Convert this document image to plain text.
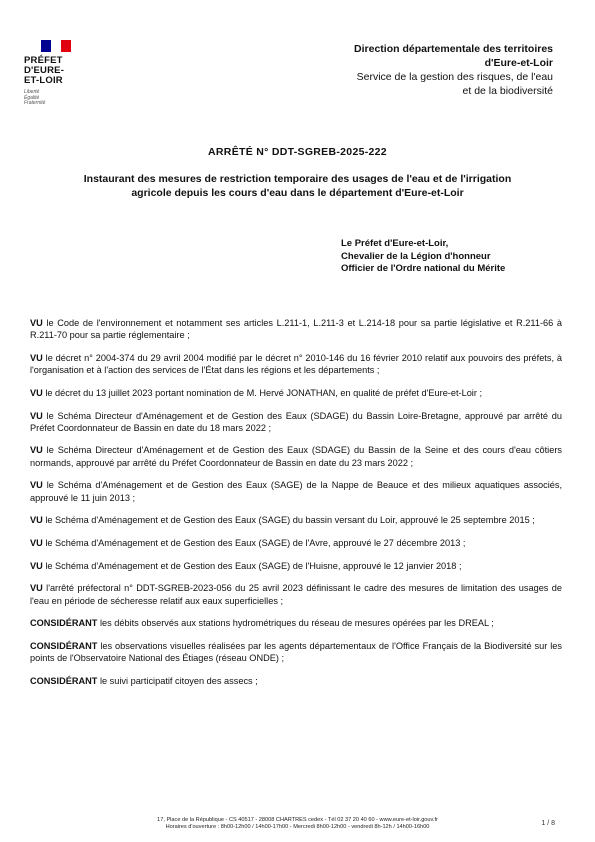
PRÉFET
D'EURE-
ET-LOIR
Liberté
Égalité
Fraternité
Direction départementale des territoires
d'Eure-et-Loir
Service de la gestion des risques, de l'eau
et de la biodiversité
ARRÊTÉ N° DDT-SGREB-2025-222
Instaurant des mesures de restriction temporaire des usages de l'eau et de l'irrigation
agricole depuis les cours d'eau dans le département d'Eure-et-Loir
Le Préfet d'Eure-et-Loir,
Chevalier de la Légion d'honneur
Officier de l'Ordre national du Mérite

VU le Code de l'environnement et notamment ses articles L.211-1, L.211-3 et L.214-18 pour sa partie législative et R.211-66 à R.211-70 pour sa partie réglementaire ;

VU le décret n° 2004-374 du 29 avril 2004 modifié par le décret n° 2010-146 du 16 février 2010 relatif aux pouvoirs des préfets, à l'organisation et à l'action des services de l'État dans les régions et les départements ;

VU le décret du 13 juillet 2023 portant nomination de M. Hervé JONATHAN, en qualité de préfet d'Eure-et-Loir ;

VU le Schéma Directeur d'Aménagement et de Gestion des Eaux (SDAGE) du Bassin Loire-Bretagne, approuvé par arrêté du Préfet Coordonnateur de Bassin en date du 18 mars 2022 ;

VU le Schéma Directeur d'Aménagement et de Gestion des Eaux (SDAGE) du Bassin de la Seine et des cours d'eau côtiers normands, approuvé par arrêté du Préfet Coordonnateur de Bassin en date du 23 mars 2022 ;

VU le Schéma d'Aménagement et de Gestion des Eaux (SAGE) de la Nappe de Beauce et des milieux aquatiques associés, approuvé le 11 juin 2013 ;

VU le Schéma d'Aménagement et de Gestion des Eaux (SAGE) du bassin versant du Loir, approuvé le 25 septembre 2015 ;

VU le Schéma d'Aménagement et de Gestion des Eaux (SAGE) de l'Avre, approuvé le 27 décembre 2013 ;

VU le Schéma d'Aménagement et de Gestion des Eaux (SAGE) de l'Huisne, approuvé le 12 janvier 2018 ;

VU l'arrêté préfectoral n° DDT-SGREB-2023-056 du 25 avril 2023 définissant le cadre des mesures de limitation des usages de l'eau en période de sécheresse relatif aux eaux superficielles ;

CONSIDÉRANT les débits observés aux stations hydrométriques du réseau de mesures opérées par les DREAL ;

CONSIDÉRANT les observations visuelles réalisées par les agents départementaux de l'Office Français de la Biodiversité sur les points de l'Observatoire National des Étiages (réseau ONDE) ;

CONSIDÉRANT le suivi participatif citoyen des assecs ;

17, Place de la République - CS 40517 - 28008 CHARTRES cedex - Tél 02 37 20 40 60 - www.eure-et-loir.gouv.fr
Horaires d'ouverture : 8h00-12h00 / 14h00-17h00 - Mercredi 8h00-12h00 - vendredi 8h-12h / 14h00-16h00	1 / 8
